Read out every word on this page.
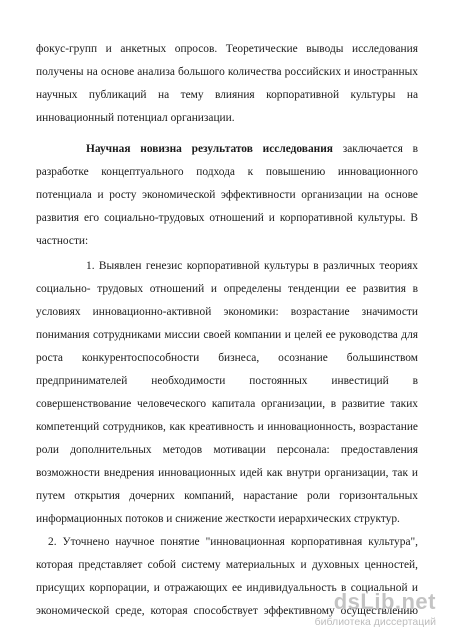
фокус-групп и анкетных опросов. Теоретические выводы исследования
получены на основе анализа большого количества российских и иностранных
научных публикаций на тему влияния корпоративной культуры на
инновационный потенциал организации.
Научная новизна результатов исследования заключается в
разработке концептуального подхода к повышению инновационного
потенциала и росту экономической эффективности организации на основе
развития его социально-трудовых отношений и корпоративной культуры. В
частности:
1. Выявлен генезис корпоративной культуры в различных теориях
социально- трудовых отношений и определены тенденции ее развития в
условиях инновационно-активной экономики: возрастание значимости
понимания сотрудниками миссии своей компании и целей ее руководства для
роста конкурентоспособности бизнеса, осознание большинством
предпринимателей необходимости постоянных инвестиций в
совершенствование человеческого капитала организации, в развитие таких
компетенций сотрудников, как креативность и инновационность, возрастание
роли дополнительных методов мотивации персонала: предоставления
возможности внедрения инновационных идей как внутри организации, так и
путем открытия дочерних компаний, нарастание роли горизонтальных
информационных потоков и снижение жесткости иерархических структур.
2. Уточнено научное понятие "инновационная корпоративная культура",
которая представляет собой систему материальных и духовных ценностей,
присущих корпорации, и отражающих ее индивидуальность в социальной и
экономической среде, которая способствует эффективному осуществлению
dsLib.net
библиотека диссертаций
